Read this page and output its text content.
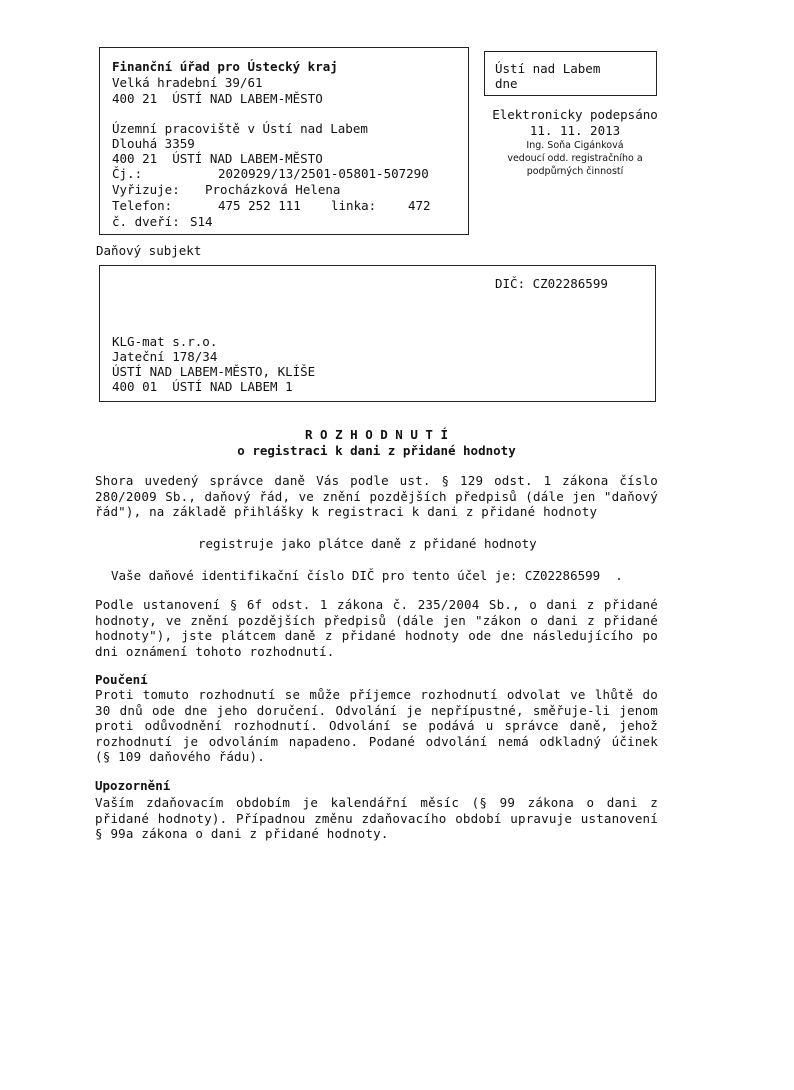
Finanční úřad pro Ústecký kraj
Velká hradební 39/61
400 21  ÚSTÍ NAD LABEM-MĚSTO
Územní pracoviště v Ústí nad Labem
Dlouhá 3359
400 21  ÚSTÍ NAD LABEM-MĚSTO
Čj.:	2020929/13/2501-05801-507290
Vyřizuje: Procházková Helena
Telefon:	475 252 111 linka:	472
č. dveří: S14
Ústí nad Labem
dne
Elektronicky podepsáno
11. 11. 2013
Ing. Soňa Cigánková
vedoucí odd. registračního a
podpůrných činností
Daňový subjekt
DIČ: CZ02286599
KLG-mat s.r.o.
Jateční 178/34
ÚSTÍ NAD LABEM-MĚSTO, KLÍŠE
400 01  ÚSTÍ NAD LABEM 1
R O Z H O D N U T Í
o registraci k dani z přidané hodnoty
Shora uvedený správce daně Vás podle ust. § 129 odst. 1 zákona číslo 280/2009 Sb., daňový řád, ve znění pozdějších předpisů (dále jen "daňový řád"), na základě přihlášky k registraci k dani z přidané hodnoty
registruje jako plátce daně z přidané hodnoty
Vaše daňové identifikační číslo DIČ pro tento účel je: CZ02286599  .
Podle ustanovení § 6f odst. 1 zákona č. 235/2004 Sb., o dani z přidané hodnoty, ve znění pozdějších předpisů (dále jen "zákon o dani z přidané hodnoty"), jste plátcem daně z přidané hodnoty ode dne následujícího po dni oznámení tohoto rozhodnutí.
Poučení
Proti tomuto rozhodnutí se může příjemce rozhodnutí odvolat ve lhůtě do 30 dnů ode dne jeho doručení. Odvolání je nepřípustné, směřuje-li jenom proti odůvodnění rozhodnutí. Odvolání se podává u správce daně, jehož rozhodnutí je odvoláním napadeno. Podané odvolání nemá odkladný účinek (§ 109 daňového řádu).
Upozornění
Vaším zdaňovacím obdobím je kalendářní měsíc (§ 99 zákona o dani z přidané hodnoty). Případnou změnu zdaňovacího období upravuje ustanovení § 99a zákona o dani z přidané hodnoty.
